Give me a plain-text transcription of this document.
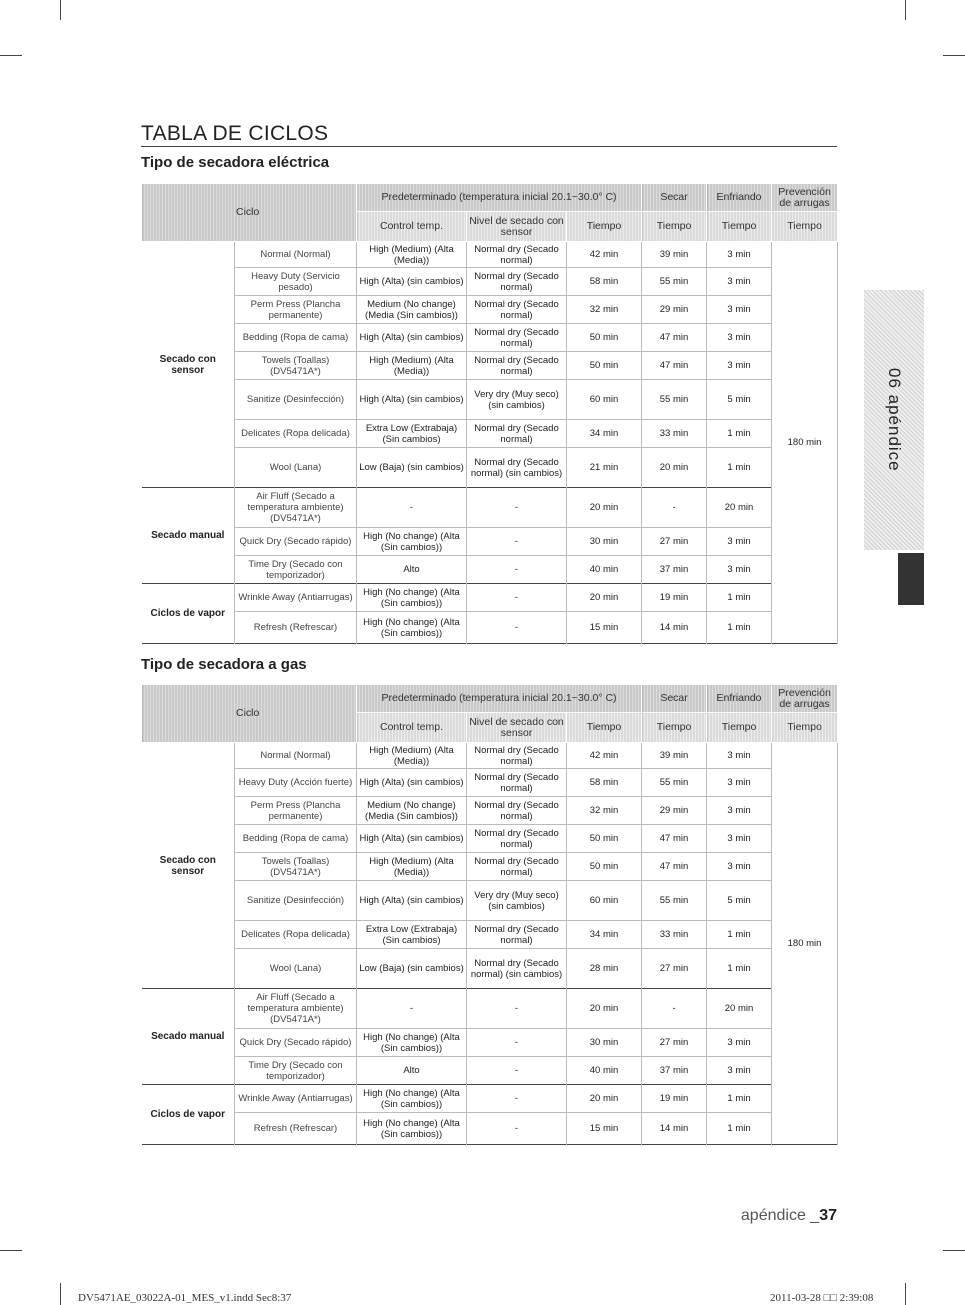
TABLA DE CICLOS
Tipo de secadora eléctrica
Ciclo		Predeterminado (temperatura inicial 20.1~30.0° C)			Secar	Enfriando	Prevención de arrugas
		Control temp.	Nivel de secado con sensor	Tiempo	Tiempo	Tiempo	Tiempo
Secado con sensor	Normal (Normal)	High (Medium) (Alta (Media))	Normal dry (Secado normal)	42 min	39 min	3 min	180 min
	Heavy Duty (Servicio pesado)	High (Alta) (sin cambios)	Normal dry (Secado normal)	58 min	55 min	3 min	
	Perm Press (Plancha permanente)	Medium (No change) (Media (Sin cambios))	Normal dry (Secado normal)	32 min	29 min	3 min	
	Bedding (Ropa de cama)	High (Alta) (sin cambios)	Normal dry (Secado normal)	50 min	47 min	3 min	
	Towels (Toallas) (DV5471A*)	High (Medium) (Alta (Media))	Normal dry (Secado normal)	50 min	47 min	3 min	
	Sanitize (Desinfección)	High (Alta) (sin cambios)	Very dry (Muy seco) (sin cambios)	60 min	55 min	5 min	
	Delicates (Ropa delicada)	Extra Low (Extrabaja) (Sin cambios)	Normal dry (Secado normal)	34 min	33 min	1 min	
	Wool (Lana)	Low (Baja) (sin cambios)	Normal dry (Secado normal) (sin cambios)	21 min	20 min	1 min	
Secado manual	Air Fluff (Secado a temperatura ambiente) (DV5471A*)	-	-	20 min	-	20 min	
	Quick Dry (Secado rápido)	High (No change) (Alta (Sin cambios))	-	30 min	27 min	3 min	
	Time Dry (Secado con temporizador)	Alto	-	40 min	37 min	3 min	
Ciclos de vapor	Wrinkle Away (Antiarrugas)	High (No change) (Alta (Sin cambios))	-	20 min	19 min	1 min	
	Refresh (Refrescar)	High (No change) (Alta (Sin cambios))	-	15 min	14 min	1 min	
Tipo de secadora a gas
Ciclo		Predeterminado (temperatura inicial 20.1~30.0° C)			Secar	Enfriando	Prevención de arrugas
		Control temp.	Nivel de secado con sensor	Tiempo	Tiempo	Tiempo	Tiempo
Secado con sensor	Normal (Normal)	High (Medium) (Alta (Media))	Normal dry (Secado normal)	42 min	39 min	3 min	180 min
	Heavy Duty (Acción fuerte)	High (Alta) (sin cambios)	Normal dry (Secado normal)	58 min	55 min	3 min	
	Perm Press (Plancha permanente)	Medium (No change) (Media (Sin cambios))	Normal dry (Secado normal)	32 min	29 min	3 min	
	Bedding (Ropa de cama)	High (Alta) (sin cambios)	Normal dry (Secado normal)	50 min	47 min	3 min	
	Towels (Toallas) (DV5471A*)	High (Medium) (Alta (Media))	Normal dry (Secado normal)	50 min	47 min	3 min	
	Sanitize (Desinfección)	High (Alta) (sin cambios)	Very dry (Muy seco) (sin cambios)	60 min	55 min	5 min	
	Delicates (Ropa delicada)	Extra Low (Extrabaja) (Sin cambios)	Normal dry (Secado normal)	34 min	33 min	1 min	
	Wool (Lana)	Low (Baja) (sin cambios)	Normal dry (Secado normal) (sin cambios)	28 min	27 min	1 min	
Secado manual	Air Fluff (Secado a temperatura ambiente) (DV5471A*)	-	-	20 min	-	20 min	
	Quick Dry (Secado rápido)	High (No change) (Alta (Sin cambios))	-	30 min	27 min	3 min	
	Time Dry (Secado con temporizador)	Alto	-	40 min	37 min	3 min	
Ciclos de vapor	Wrinkle Away (Antiarrugas)	High (No change) (Alta (Sin cambios))	-	20 min	19 min	1 min	
	Refresh (Refrescar)	High (No change) (Alta (Sin cambios))	-	15 min	14 min	1 min	
06 apéndice
apéndice _37
DV5471AE_03022A-01_MES_v1.indd Sec8:37	2011-03-28 □□ 2:39:08
